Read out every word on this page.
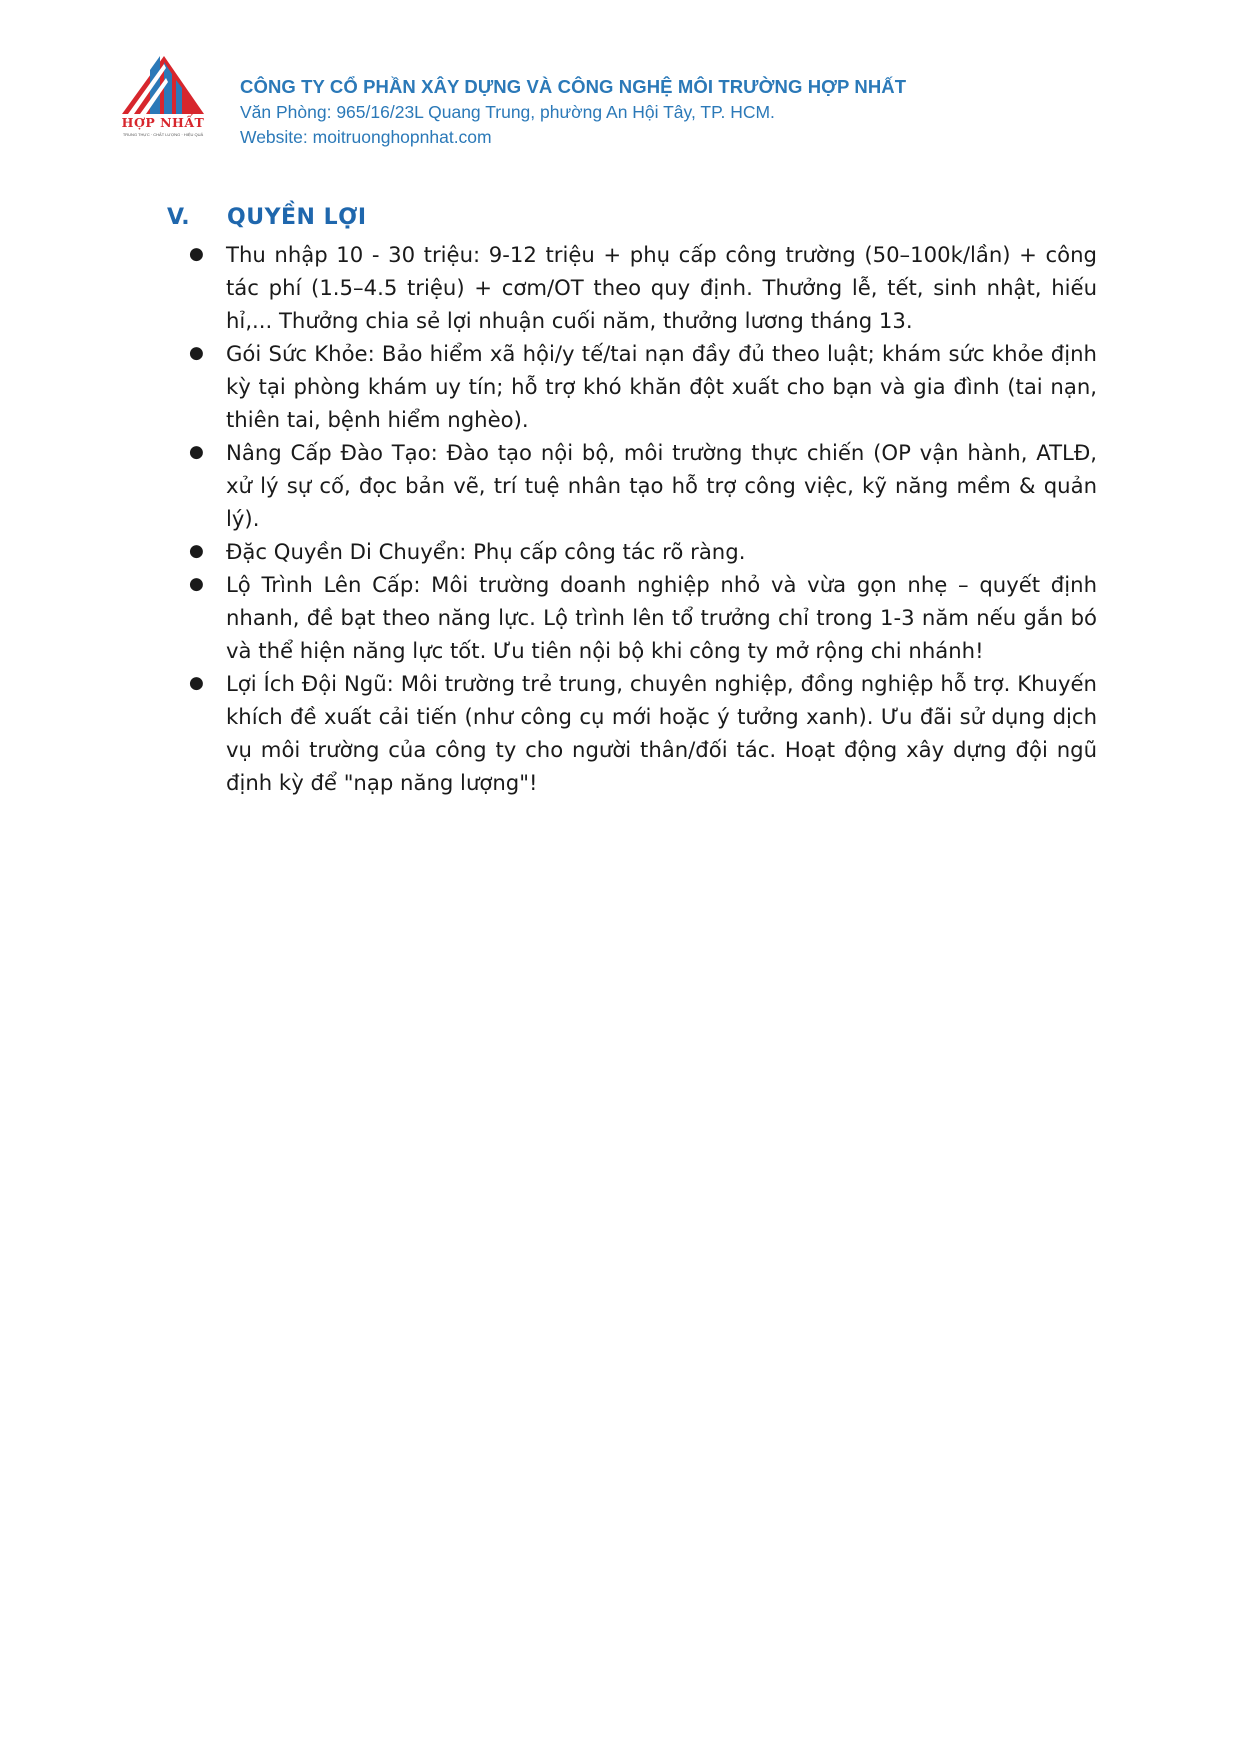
HỢP NHẤT
TRUNG THỰC · CHẤT LƯỢNG · HIỆU QUẢ
CÔNG TY CỔ PHẦN XÂY DỰNG VÀ CÔNG NGHỆ MÔI TRƯỜNG HỢP NHẤT
Văn Phòng: 965/16/23L Quang Trung, phường An Hội Tây, TP. HCM.
Website: moitruonghopnhat.com
V.	QUYỀN LỢI
● Thu nhập 10 - 30 triệu: 9-12 triệu + phụ cấp công trường (50–100k/lần) + công tác phí (1.5–4.5 triệu) + cơm/OT theo quy định. Thưởng lễ, tết, sinh nhật, hiếu hỉ,... Thưởng chia sẻ lợi nhuận cuối năm, thưởng lương tháng 13.
● Gói Sức Khỏe: Bảo hiểm xã hội/y tế/tai nạn đầy đủ theo luật; khám sức khỏe định kỳ tại phòng khám uy tín; hỗ trợ khó khăn đột xuất cho bạn và gia đình (tai nạn, thiên tai, bệnh hiểm nghèo).
● Nâng Cấp Đào Tạo: Đào tạo nội bộ, môi trường thực chiến (OP vận hành, ATLĐ, xử lý sự cố, đọc bản vẽ, trí tuệ nhân tạo hỗ trợ công việc, kỹ năng mềm & quản lý).
● Đặc Quyền Di Chuyển: Phụ cấp công tác rõ ràng.
● Lộ Trình Lên Cấp: Môi trường doanh nghiệp nhỏ và vừa gọn nhẹ – quyết định nhanh, đề bạt theo năng lực. Lộ trình lên tổ trưởng chỉ trong 1-3 năm nếu gắn bó và thể hiện năng lực tốt. Ưu tiên nội bộ khi công ty mở rộng chi nhánh!
● Lợi Ích Đội Ngũ: Môi trường trẻ trung, chuyên nghiệp, đồng nghiệp hỗ trợ. Khuyến khích đề xuất cải tiến (như công cụ mới hoặc ý tưởng xanh). Ưu đãi sử dụng dịch vụ môi trường của công ty cho người thân/đối tác. Hoạt động xây dựng đội ngũ định kỳ để "nạp năng lượng"!
